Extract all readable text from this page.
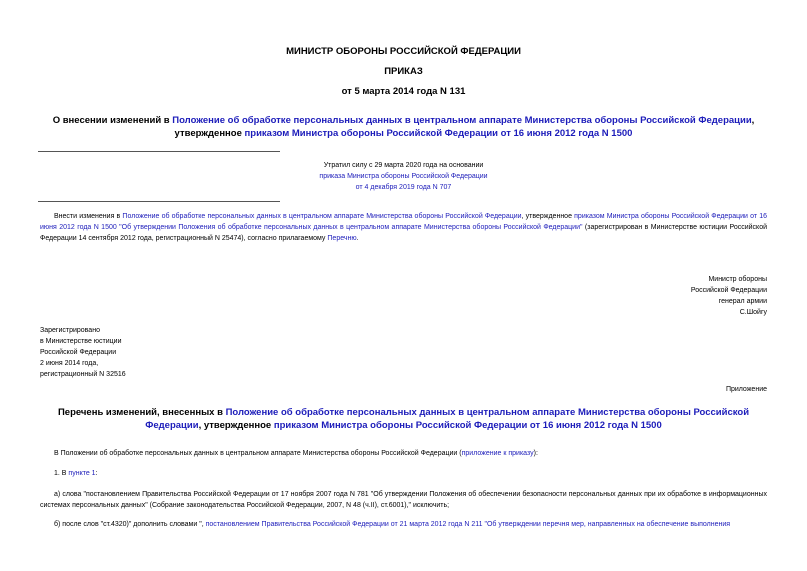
МИНИСТР ОБОРОНЫ РОССИЙСКОЙ ФЕДЕРАЦИИ
ПРИКАЗ
от 5 марта 2014 года N 131
О внесении изменений в Положение об обработке персональных данных в центральном аппарате Министерства обороны Российской Федерации, утвержденное приказом Министра обороны Российской Федерации от 16 июня 2012 года N 1500
Утратил силу с 29 марта 2020 года на основании
приказа Министра обороны Российской Федерации
от 4 декабря 2019 года N 707
Внести изменения в Положение об обработке персональных данных в центральном аппарате Министерства обороны Российской Федерации, утвержденное приказом Министра обороны Российской Федерации от 16 июня 2012 года N 1500 "Об утверждении Положения об обработке персональных данных в центральном аппарате Министерства обороны Российской Федерации" (зарегистрирован в Министерстве юстиции Российской Федерации 14 сентября 2012 года, регистрационный N 25474), согласно прилагаемому Перечню.
Министр обороны
Российской Федерации
генерал армии
С.Шойгу
Зарегистрировано
в Министерстве юстиции
Российской Федерации
2 июня 2014 года,
регистрационный N 32516
Приложение
Перечень изменений, внесенных в Положение об обработке персональных данных в центральном аппарате Министерства обороны Российской Федерации, утвержденное приказом Министра обороны Российской Федерации от 16 июня 2012 года N 1500
В Положении об обработке персональных данных в центральном аппарате Министерства обороны Российской Федерации (приложение к приказу):
1. В пункте 1:
а) слова "постановлением Правительства Российской Федерации от 17 ноября 2007 года N 781 "Об утверждении Положения об обеспечении безопасности персональных данных при их обработке в информационных системах персональных данных" (Собрание законодательства Российской Федерации, 2007, N 48 (ч.II), ст.6001)," исключить;
б) после слов "ст.4320)" дополнить словами ", постановлением Правительства Российской Федерации от 21 марта 2012 года N 211 "Об утверждении перечня мер, направленных на обеспечение выполнения
